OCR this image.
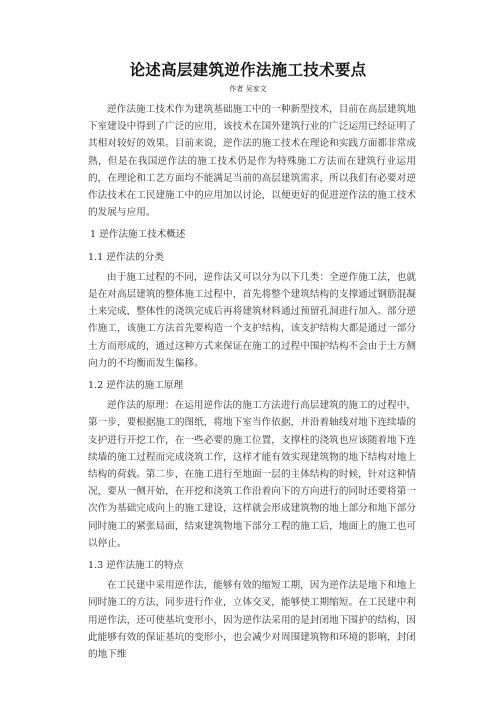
论述高层建筑逆作法施工技术要点
作者 吴家文

逆作法施工技术作为建筑基础施工中的一种新型技术，目前在高层建筑地下室建设中得到了广泛的应用，该技术在国外建筑行业的广泛运用已经证明了其相对较好的效果。目前来说，逆作法的施工技术在理论和实践方面都非常成熟，但是在我国逆作法的施工技术仍是作为特殊施工方法而在建筑行业运用的，在理论和工艺方面均不能满足当前的高层建筑需求，所以我们有必要对逆作法技术在工民建施工中的应用加以讨论，以便更好的促进逆作法的施工技术的发展与应用。

1 逆作法施工技术概述
1.1 逆作法的分类

由于施工过程的不同，逆作法又可以分为以下几类：全逆作施工法，也就是在对高层建筑的整体施工过程中，首先将整个建筑结构的支撑通过钢筋混凝土来完成，整体性的浇筑完成后再将建筑材料通过预留孔洞进行加入。部分逆作施工，该施工方法首先要构造一个支护结构，该支护结构大都是通过一部分土方而形成的，通过这种方式来保证在施工的过程中围护结构不会由于土方侧向力的不均衡而发生偏移。

1.2 逆作法的施工原理

逆作法的原理：在运用逆作法的施工方法进行高层建筑的施工的过程中，第一步，要根据施工的图纸，将地下室当作依据，并沿着轴线对地下连续墙的支护进行开挖工作，在一些必要的施工位置，支撑柱的浇筑也应该随着地下连续墙的施工过程而完成浇筑工作，这样才能有效实现建筑物的地下结构对地上结构的荷载。第二步，在施工进行至地面一层的主体结构的时候，针对这种情况，要从一侧开始，在开挖和浇筑工作沿着向下的方向进行的同时还要将第一次作为基础完成向上的施工建设，这样就会形成建筑物的地上部分和地下部分同时施工的紧张局面，结束建筑物地下部分工程的施工后，地面上的施工也可以停止。

1.3 逆作法施工的特点

在工民建中采用逆作法，能够有效的缩短工期，因为逆作法是地下和地上同时施工的方法，同步进行作业，立体交叉，能够使工期缩短。在工民建中利用逆作法，还可使基坑变形小，因为逆作法采用的是封闭地下围护的结构，因此能够有效的保证基坑的变形小，也会减少对周围建筑物和环境的影响，封闭的地下维
